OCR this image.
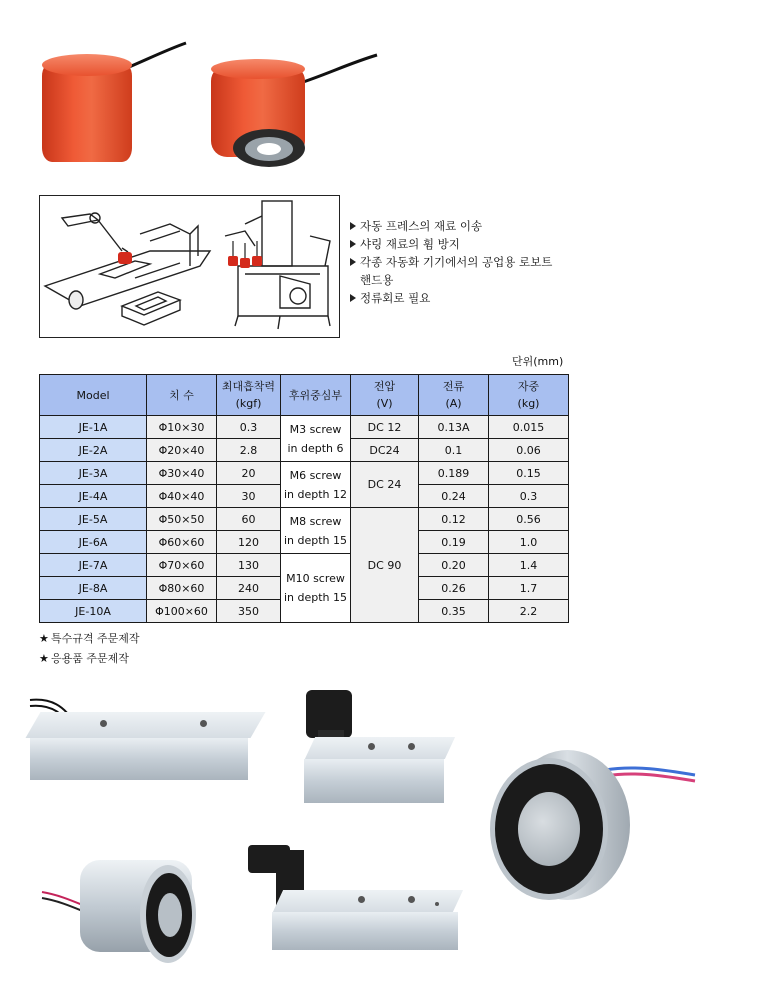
자동 프레스의 재료 이송
샤링 재료의 휨 방지
각종 자동화 기기에서의 공업용 로보트
핸드용
정류회로 필요
단위(mm)
Model	치 수	최대흡착력
(kgf)	후위중심부	전압
(V)	전류
(A)	자중
(kg)
JE-1A	Φ10×30	0.3	M3 screw
in depth 6	DC 12	0.13A	0.015
JE-2A	Φ20×40	2.8		DC24	0.1	0.06
JE-3A	Φ30×40	20	M6 screw
in depth 12	DC 24	0.189	0.15
JE-4A	Φ40×40	30			0.24	0.3
JE-5A	Φ50×50	60	M8 screw
in depth 15	DC 90	0.12	0.56
JE-6A	Φ60×60	120			0.19	1.0
JE-7A	Φ70×60	130	M10 screw
in depth 15		0.20	1.4
JE-8A	Φ80×60	240			0.26	1.7
JE-10A	Φ100×60	350			0.35	2.2
★ 특수규격 주문제작
★ 응용품 주문제작
